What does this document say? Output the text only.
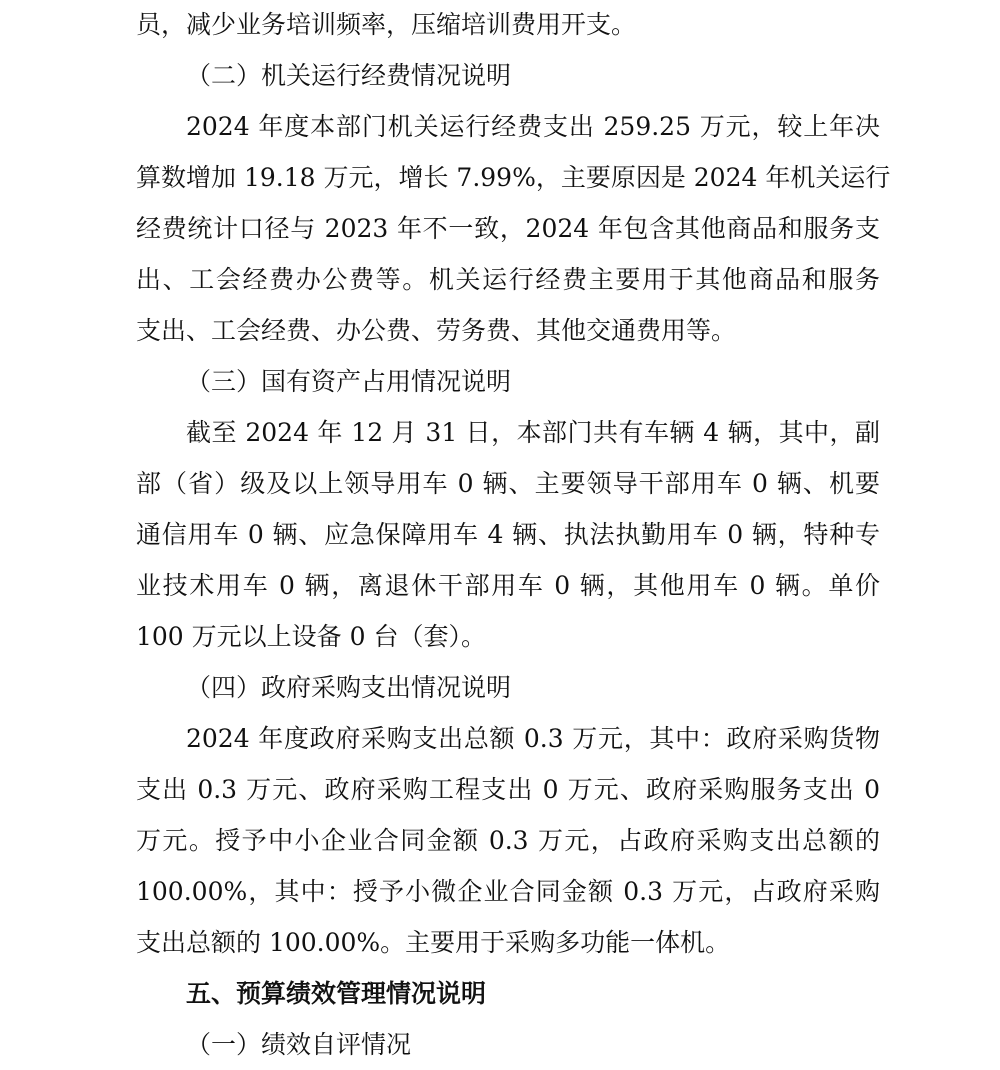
员，减少业务培训频率，压缩培训费用开支。

（二）机关运行经费情况说明

2024 年度本部门机关运行经费支出 259.25 万元，较上年决

算数增加 19.18 万元，增长 7.99%，主要原因是 2024 年机关运行

经费统计口径与 2023 年不一致，2024 年包含其他商品和服务支

出、工会经费办公费等。机关运行经费主要用于其他商品和服务

支出、工会经费、办公费、劳务费、其他交通费用等。

（三）国有资产占用情况说明

截至 2024 年 12 月 31 日，本部门共有车辆 4 辆，其中，副

部（省）级及以上领导用车 0 辆、主要领导干部用车 0 辆、机要

通信用车 0 辆、应急保障用车 4 辆、执法执勤用车 0 辆，特种专

业技术用车 0 辆，离退休干部用车 0 辆，其他用车 0 辆。单价

100 万元以上设备 0 台（套）。

（四）政府采购支出情况说明

2024 年度政府采购支出总额 0.3 万元，其中：政府采购货物

支出 0.3 万元、政府采购工程支出 0 万元、政府采购服务支出 0

万元。授予中小企业合同金额 0.3 万元，占政府采购支出总额的

100.00%，其中：授予小微企业合同金额 0.3 万元，占政府采购

支出总额的 100.00%。主要用于采购多功能一体机。

五、预算绩效管理情况说明

（一）绩效自评情况
